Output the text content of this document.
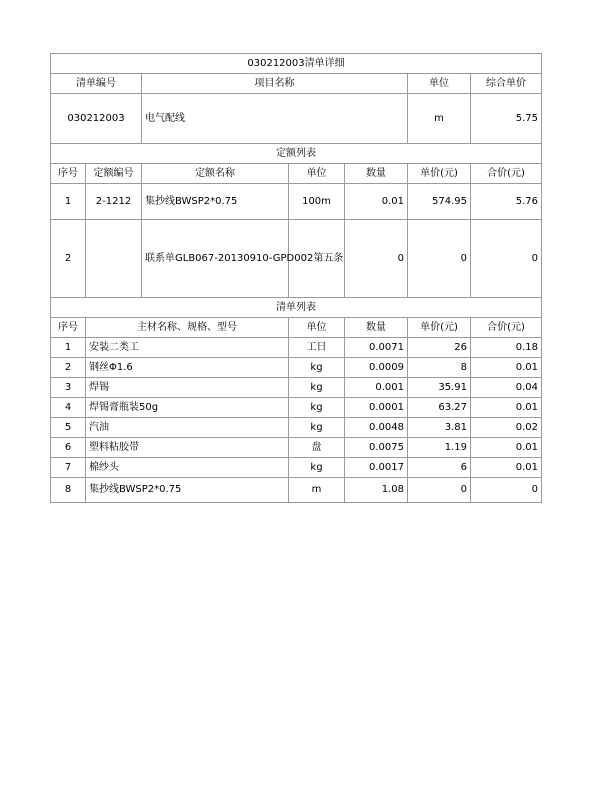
030212003清单详细						
清单编号		项目名称			单位	综合单价
030212003		电气配线			m	5.75
定额列表						
序号	定额编号	定额名称	单位	数量	单价(元)	合价(元)
1	2-1212	集抄线BWSP2*0.75	100m	0.01	574.95	5.76
2		联系单GLB067-20130910-GPD002第五条		0	0	0
清单列表						
序号	主材名称、规格、型号		单位	数量	单价(元)	合价(元)
1	安装二类工		工日	0.0071	26	0.18
2	钢丝Φ1.6		kg	0.0009	8	0.01
3	焊锡		kg	0.001	35.91	0.04
4	焊锡膏瓶装50g		kg	0.0001	63.27	0.01
5	汽油		kg	0.0048	3.81	0.02
6	塑料粘胶带		盘	0.0075	1.19	0.01
7	棉纱头		kg	0.0017	6	0.01
8	集抄线BWSP2*0.75		m	1.08	0	0
